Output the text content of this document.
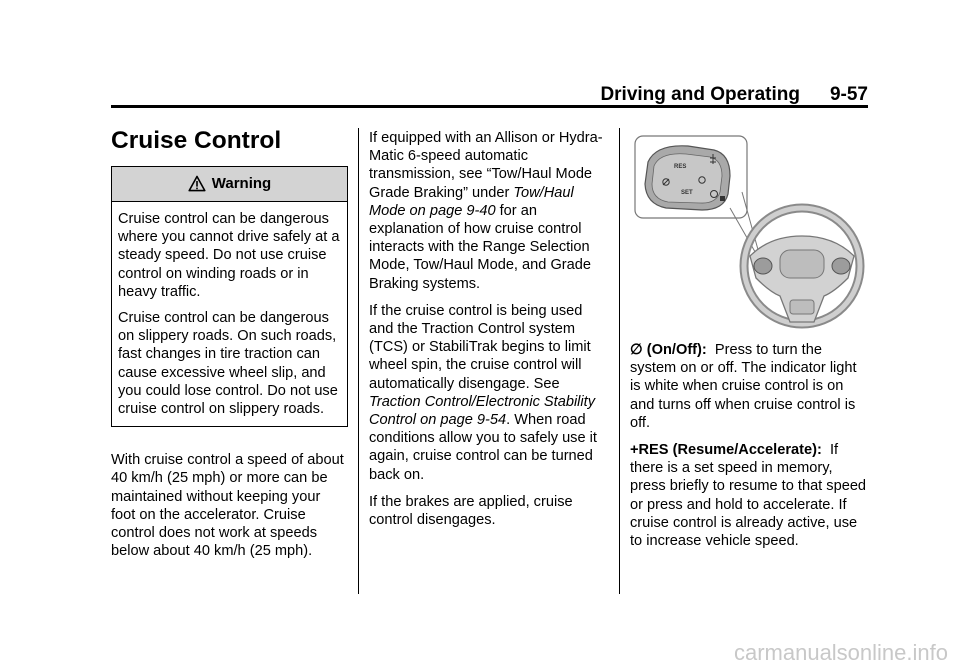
Driving and Operating 9-57
Cruise Control
Warning

Cruise control can be dangerous where you cannot drive safely at a steady speed. Do not use cruise control on winding roads or in heavy traffic.

Cruise control can be dangerous on slippery roads. On such roads, fast changes in tire traction can cause excessive wheel slip, and you could lose control. Do not use cruise control on slippery roads.

With cruise control a speed of about 40 km/h (25 mph) or more can be maintained without keeping your foot on the accelerator. Cruise control does not work at speeds below about 40 km/h (25 mph).

If equipped with an Allison or Hydra-Matic 6-speed automatic transmission, see “Tow/Haul Mode Grade Braking” under Tow/Haul Mode on page 9-40 for an explanation of how cruise control interacts with the Range Selection Mode, Tow/Haul Mode, and Grade Braking systems.

If the cruise control is being used and the Traction Control system (TCS) or StabiliTrak begins to limit wheel spin, the cruise control will automatically disengage. See Traction Control/Electronic Stability Control on page 9-54. When road conditions allow you to safely use it again, cruise control can be turned back on.

If the brakes are applied, cruise control disengages.

RES
SET

∅ (On/Off): Press to turn the system on or off. The indicator light is white when cruise control is on and turns off when cruise control is off.

+RES (Resume/Accelerate): If there is a set speed in memory, press briefly to resume to that speed or press and hold to accelerate. If cruise control is already active, use to increase vehicle speed.

carmanualsonline.info
